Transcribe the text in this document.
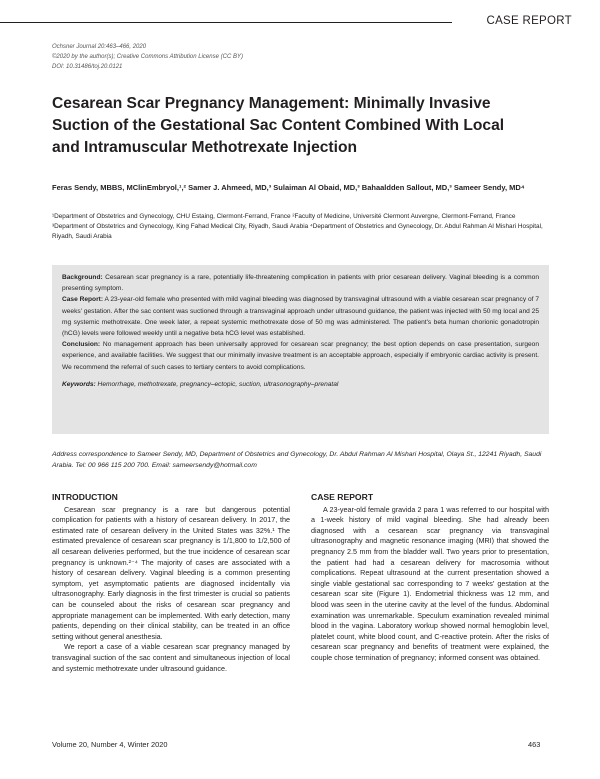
CASE REPORT
Ochsner Journal 20:463–466, 2020
©2020 by the author(s); Creative Commons Attribution License (CC BY)
DOI: 10.31486/toj.20.0121
Cesarean Scar Pregnancy Management: Minimally Invasive Suction of the Gestational Sac Content Combined With Local and Intramuscular Methotrexate Injection
Feras Sendy, MBBS, MClinEmbryol,¹,² Samer J. Ahmeed, MD,³ Sulaiman Al Obaid, MD,³ Bahaaldden Sallout, MD,³ Sameer Sendy, MD⁴
¹Department of Obstetrics and Gynecology, CHU Estaing, Clermont-Ferrand, France ²Faculty of Medicine, Université Clermont Auvergne, Clermont-Ferrand, France ³Department of Obstetrics and Gynecology, King Fahad Medical City, Riyadh, Saudi Arabia ⁴Department of Obstetrics and Gynecology, Dr. Abdul Rahman Al Mishari Hospital, Riyadh, Saudi Arabia

Background: Cesarean scar pregnancy is a rare, potentially life-threatening complication in patients with prior cesarean delivery. Vaginal bleeding is a common presenting symptom.

Case Report: A 23-year-old female who presented with mild vaginal bleeding was diagnosed by transvaginal ultrasound with a viable cesarean scar pregnancy of 7 weeks' gestation. After the sac content was suctioned through a transvaginal approach under ultrasound guidance, the patient was injected with 50 mg local and 25 mg systemic methotrexate. One week later, a repeat systemic methotrexate dose of 50 mg was administered. The patient's beta human chorionic gonadotropin (hCG) levels were followed weekly until a negative beta hCG level was established.

Conclusion: No management approach has been universally approved for cesarean scar pregnancy; the best option depends on case presentation, surgeon experience, and available facilities. We suggest that our minimally invasive treatment is an acceptable approach, especially if embryonic cardiac activity is present. We recommend the referral of such cases to tertiary centers to avoid complications.

Keywords: Hemorrhage, methotrexate, pregnancy–ectopic, suction, ultrasonography–prenatal

Address correspondence to Sameer Sendy, MD, Department of Obstetrics and Gynecology, Dr. Abdul Rahman Al Mishari Hospital, Olaya St., 12241 Riyadh, Saudi Arabia. Tel: 00 966 115 200 700. Email: sameersendy@hotmail.com
INTRODUCTION

Cesarean scar pregnancy is a rare but dangerous potential complication for patients with a history of cesarean delivery. In 2017, the estimated rate of cesarean delivery in the United States was 32%.¹ The estimated prevalence of cesarean scar pregnancy is 1/1,800 to 1/2,500 of all cesarean deliveries performed, but the true incidence of cesarean scar pregnancy is unknown.²⁻⁴ The majority of cases are associated with a history of cesarean delivery. Vaginal bleeding is a common presenting symptom, yet asymptomatic patients are diagnosed incidentally via ultrasonography. Early diagnosis in the first trimester is crucial so patients can be counseled about the risks of cesarean scar pregnancy and appropriate management can be implemented. With early detection, many patients, depending on their clinical stability, can be treated in an office setting without general anesthesia.

We report a case of a viable cesarean scar pregnancy managed by transvaginal suction of the sac content and simultaneous injection of local and systemic methotrexate under ultrasound guidance.

CASE REPORT

A 23-year-old female gravida 2 para 1 was referred to our hospital with a 1-week history of mild vaginal bleeding. She had already been diagnosed with a cesarean scar pregnancy via transvaginal ultrasonography and magnetic resonance imaging (MRI) that showed the pregnancy 2.5 mm from the bladder wall. Two years prior to presentation, the patient had had a cesarean delivery for macrosomia without complications. Repeat ultrasound at the current presentation showed a single viable gestational sac corresponding to 7 weeks' gestation at the cesarean scar site (Figure 1). Endometrial thickness was 12 mm, and blood was seen in the uterine cavity at the level of the fundus. Abdominal examination was unremarkable. Speculum examination revealed minimal blood in the vagina. Laboratory workup showed normal hemoglobin level, platelet count, white blood count, and C-reactive protein. After the risks of cesarean scar pregnancy and benefits of treatment were explained, the couple chose termination of pregnancy; informed consent was obtained.

Volume 20, Number 4, Winter 2020	463
